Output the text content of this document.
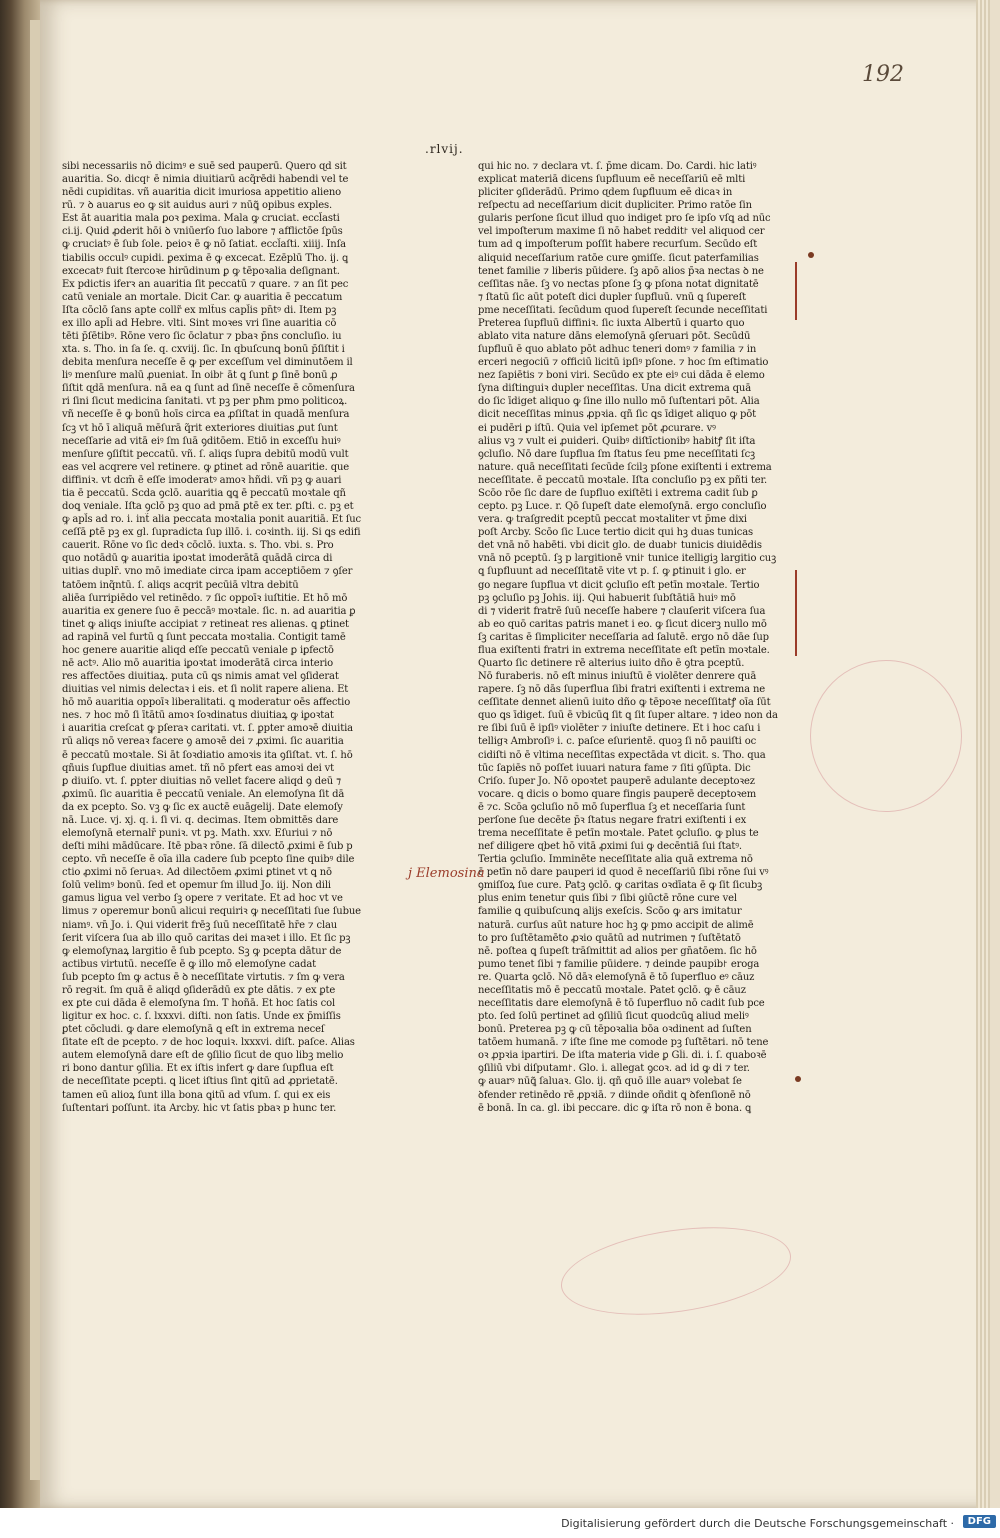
192
.rlvij.
sibi necessariis nō dicimꝰ e suē sed pauperū. Quero ɋd sit
auaritia. So. dicq꜓ ē nimia diuitiarū acq̃rēdi habendi vel te
nēdi cupiditas. vñ auaritia dicit imuriosa appetitio alieno
rū. ⁊ ꝺ auarus eo ꝙ sit auidus auri ⁊ nūꝗ̃ opibus exples.
Est āt auaritia mala ꝑoꝛ ꝑexima. Mala ꝙ cruciat. eccl̃asti
ci.ij. Quid ꝓderit hōi ꝺ vniūerſo ſuo labore ⁊ afflictōe ſpūs
ꝙ cruciatꝰ ē ſub ſole. peioꝛ ē ꝙ nō ſatiat. eccl̃aſti. xiiij. Inſa
tiabilis occulꝰ cupidi. ꝑexima ē ꝙ excecat. Ezēplū Tho. ij. ꝗ
excecatꝰ fuit ſtercoꝛe hirūdinum ꝑ ꝙ tēpoꝛalia deſignant.
Ex pdictis iferꝛ an auaritia ſit peccatū ⁊ quare. ⁊ an ſit pec
catū veniale an mortale. Dicit Car. ꝙ auaritia ē peccatum
Iſta cōclō ſans apte collr̃ ex mlt̃us capl̃is pn̄tꝰ di. Item pꝫ
ex illo apl̃i ad Hebre. vlti. Sint moꝛes vri ſine auaritia cō
tēti p̄ſētibꝰ. Rōne vero ſic ōclatur ⁊ pbaꝛ p̄ns concluſio. iu
xta. s. Tho. in ſa ſe. q. cxviij. ſic. In qbuſcunꝗ bonū p̄ſiſtit i
debita menſura neceſſe ē ꝙ per exceſſum vel diminutōem il
liꝰ menſure malū ꝓueniat. In oib꜓ āt ꝗ ſunt ꝑ ſinē bonū ꝓ
ſiſtit ɋdā menſura. nā ea ꝗ ſunt ad ſinē neceſſe ē cōmenſura
ri ſini ſicut medicina ſanitati. vt pꝫ per pħm pmo politicoꝝ.
vñ neceſſe ē ꝙ bonū hoīs circa ea ꝓſiſtat in quadā menſura
ſcꝫ vt hō ī aliquā mēſurā q̃rit exteriores diuitias ꝓut ſunt
neceſſarie ad vitā eiꝰ ſm ſuā ꝯditōem. Etiō in exceſſu huiꝰ
menſure ꝯſiſtit peccatū. vñ. ſ. aliqs ſupra debitū modū vult
eas vel acqrere vel retinere. ꝙ ꝑtinet ad rōnē auaritie. que
diffiniꝛ. vt dcm̄ ē eſſe imoderatꝰ amoꝛ hñdi. vñ pꝫ ꝙ auari
tia ē peccatū. Scda ꝯclō. auaritia ꝗꝗ ē peccatū moꝛtale qñ
doꝗ veniale. Iſta ꝯclō pꝫ quo ad pmā ꝑtē ex ter. ꝑſti. c. pꝫ et
ꝙ apl̃s ad ro. i. int̃ alia peccata moꝛtalia ponit auaritiā. Et ſuc
ceſſā ꝑtē pꝫ ex gl. ſupradicta ſup illō. i. coꝛinth. iij. Si ꝗs edifi
cauerit. Rōne vo ſic dedꝛ cōclō. iuxta. s. Tho. vbi. s. Pro
quo notādū ꝙ auaritia iꝑoꝛtat imoderātā quādā circa di
uitias duplr̄. vno mō imediate circa ipam acceptiōem ⁊ ꝯſer
tatōem inq̃ntū. ſ. aliqs acqrit pecūiā vltra debitū
aliēa ſurripiēdo vel retinēdo. ⁊ ſic oppoīꝛ iuſtitie. Et hō mō
auaritia ex genere ſuo ē peccāꝰ moꝛtale. ſic. n. ad auaritia ꝑ
tinet ꝙ aliqs iniuſte accipiat ⁊ retineat res alienas. ꝗ ꝑtinet
ad rapinā vel furtū ꝗ ſunt peccata moꝛtalia. Contigit tamē
hoc genere auaritie aliqd eſſe peccatū veniale ꝑ iꝑfectō
nē actꝰ. Alio mō auaritia iꝑoꝛtat imoderātā circa interio
res affectōes diuitiaꝝ. puta cū ꝗs nimis amat vel ꝯſiderat
diuitias vel nimis delectaꝛ i eis. et ſi nolit rapere aliena. Et
hō mō auaritia oppoīꝛ liberalitati. ꝗ moderatur oēs affectio
nes. ⁊ hoc mō ſi ītātū amoꝛ ſoꝛdinatus diuitiaꝝ ꝙ iꝑoꝛtat
i auaritia creſcat ꝙ pſeraꝛ caritati. vt. ſ. ꝑpter amoꝛē diuitia
rū aliqs nō vereaꝛ facere ꝯ amoꝛē dei ⁊ ꝓximi. ſic auaritia
ē peccatū moꝛtale. Si āt ſoꝛdiatio amoꝛis ita ꝯſiſtat. vt. ſ. hō
qñuis ſuꝑflue diuitias amet. tñ nō pfert eas amoꝛi dei vt
ꝑ diuiſo. vt. ſ. ꝑpter diuitias nō vellet facere aliqd ꝯ deū ⁊
ꝓximū. ſic auaritia ē peccatū veniale. An elemoſyna ſit dā
da ex pcepto. So. vꝫ ꝙ ſic ex auctē euāgelij. Date elemoſy
nā. Luce. vj. xj. q. i. ſi vi. q. decimas. Item obmittēs dare
elemoſynā eternalr̄ puniꝛ. vt pꝫ. Math. xxv. Eſuriui ⁊ nō
deſti mihi mādūcare. Itē pbaꝛ rōne. ſā dilectō ꝓximi ē ſub p
cepto. vn̄ neceſſe ē oīa illa cadere ſub pcepto ſine quibꝰ dile
ctio ꝓximi nō ſeruaꝛ. Ad dilectōem ꝓximi ꝑtinet vt ꝗ nō
ſolū velimꝰ bonū. ſed et opemur ſm illud Jo. iij. Non dili
gamus ligua vel verbo ſꝫ opere ⁊ veritate. Et ad hoc vt ve
limus ⁊ operemur bonū alicui requiriꝛ ꝙ neceſſitati ſue ſubue
niamꝰ. vn̄ Jo. i. Qui viderit frēꝫ ſuū neceſſitatē hr̄e ⁊ clau
ſerit viſcera ſua ab illo quō caritas dei maꝛet i illo. Et ſic pꝫ
ꝙ elemoſynaꝝ largitio ē ſub pcepto. Sꝫ ꝙ pcepta dātur de
actibus virtutū. neceſſe ē ꝙ illo mō elemoſyne cadat
ſub pcepto ſm ꝙ actus ē ꝺ neceſſitate virtutis. ⁊ ſm ꝙ vera
rō regꝛit. ſm quā ē aliqd ꝯſiderādū ex ꝑte dātis. ⁊ ex ꝑte
ex ꝑte cui dāda ē elemoſyna ſm. T hoñā. Et hoc ſatis col
ligitur ex hoc. c. ſ. lxxxvi. diſti. non ſatis. Unde ex p̄miſſis
ꝑtet cōcludi. ꝙ dare elemoſynā ꝗ eſt in extrema neceſ
ſitate eſt de pcepto. ⁊ de hoc loquiꝛ. lxxxvi. diſt. paſce. Alias
autem elemoſynā dare eſt de ꝯſilio ſicut de quo libꝫ melio
ri bono dantur ꝯſilia. Et ex iſtis infert ꝙ dare ſupflua eſt
de neceſſitate pcepti. ꝗ licet iſtius ſint ꝗitū ad ꝓprietatē.
tamen eū alioꝝ ſunt illa bona ꝗitū ad vſum. ſ. qui ex eis
ſuſtentari poſſunt. ita Arcby. hic vt ſatis pbaꝛ p hunc ter.
qui hic no. ⁊ declara vt. ſ. p̄me dicam. Do. Cardi. hic latiꝰ
explicat materiā dicens ſupfluum eē neceſſariū eē mlti
pliciter ꝯſiderādū. Primo ɋdem ſuꝑfluum eē dicaꝛ in
reſpectu ad neceſſarium dicit dupliciter. Primo ratōe ſin
gularis perſone ſicut illud quo indiget pro ſe ipſo vſꝗ ad nūc
vel impoſterum maxime ſi nō habet reddit꜓ vel aliquod cer
tum ad ꝗ impoſterum poſſit habere recurſum. Secūdo eſt
aliquid neceſſarium ratōe cure ꝯmiſſe. ſicut paterfamilias
tenet familie ⁊ liberis pūidere. ſꝫ apō alios p̄ꝛa nectas ꝺ ne
ceſſitas nāe. ſꝫ vo nectas pſone ſꝫ ꝙ pſona notat dignitatē
⁊ ſtatū ſic aūt poteſt dici dupler ſupfluū. vnū ꝗ ſupereſt
pme neceſſitati. ſecūdum quod ſupereſt ſecunde neceſſitati
Preterea ſupfluū diffiniꝛ. ſic iuxta Albertū i quarto quo
ablato vita nature dāns elemoſynā ꝯſeruari pōt. Secūdū
ſupfluū ē quo ablato pōt adhuc teneri domꝰ ⁊ familia ⁊ in
erceri negociū ⁊ officiū licitū ipſiꝰ pſone. ⁊ hoc ſm eſtimatio
nez ſapiētis ⁊ boni viri. Secūdo ex pte eiꝰ cui dāda ē elemo
ſyna diſtinguiꝛ dupler neceſſitas. Una dicit extrema quā
do ſic īdiget aliquo ꝙ ſine illo nullo mō ſuſtentari pōt. Alia
dicit neceſſitas minus ꝓpꝛia. qñ ſic ꝗs īdiget aliquo ꝙ pōt
ei pudēri ꝑ iſtū. Quia vel ipſemet pōt ꝓcurare. vꝰ
alius vꝫ ⁊ vult ei ꝓuideri. Quibꝰ diſtīctionibꝰ habitꝭ ſit iſta
ꝯcluſio. Nō dare ſupflua ſm ſtatus ſeu pme neceſſitati ſcꝫ
nature. quā neceſſitati ſecūde ſcilꝫ pſone exiſtenti i extrema
neceſſitate. ē peccatū moꝛtale. Iſta concluſio pꝫ ex pñti ter.
Scōo rōe ſic dare de ſupfluo exiſtēti i extrema cadit ſub ꝑ
cepto. pꝫ Luce. r. Qō ſupeſt date elemoſynā. ergo concluſio
vera. ꝙ traſgredit pceptū peccat moꝛtaliter vt p̄me dixi
poſt Arcby. Scōo ſic Luce tertio dicit qui hꝫ duas tunicas
det vnā nō habēti. vbi dicit glo. de duab꜓ tunicis diuidēdis
vnā nō pceptū. ſꝫ p largitionē vni꜓ tunice itelligiꝫ largitio cuꝫ
ꝗ ſupfluunt ad neceſſitatē vite vt p. ſ. ꝙ ꝑtinuit i glo. er
go negare ſupflua vt dicit ꝯcluſio eſt petīn moꝛtale. Tertio
pꝫ ꝯcluſio pꝫ Johis. iij. Qui habuerit ſubſtātiā huiꝰ mō
di ⁊ viderit fratrē ſuū neceſſe habere ⁊ clauſerit viſcera ſua
ab eo quō caritas patris manet i eo. ꝙ ſicut dicerꝫ nullo mō
ſꝫ caritas ē ſimpliciter neceſſaria ad ſalutē. ergo nō dāe ſup
flua exiſtenti fratri in extrema neceſſitate eſt petīn moꝛtale.
Quarto ſic detinere rē alterius iuito dño ē ꝯtra pceptū.
Nō furaberis. nō eſt minus iniuſtū ē violēter denrere quā
rapere. ſꝫ nō dās ſuperflua ſibi fratri exiſtenti i extrema ne
ceſſitate dennet alienū iuito dño ꝙ tēpoꝛe neceſſitatꝭ oīa ſūt
quo ꝗs īdiget. ſuū ē vbicūꝗ ſit ꝗ ſit ſuper altare. ⁊ ideo non da
re ſibi ſuū ē ipſiꝰ violēter ⁊ iniuſte detinere. Et i hoc caſu i
telligꝛ Ambroſiꝰ i. c. paſce eſurientē. quoꝫ ſi nō pauiſti oc
cidiſti nō ē vltima neceſſitas expectāda vt dicit. s. Tho. qua
tūc ſapiēs nō poſſet iuuari natura fame ⁊ ſiti ꝯſūpta. Dic
Criſo. ſuper Jo. Nō opoꝛtet pauperē adulante deceptoꝛez
vocare. ꝗ dicis o bomo quare fingis pauperē deceptoꝛem
ē ⁊c. Scōa ꝯcluſio nō mō ſuperflua ſꝫ et neceſſaria ſunt
perſone ſue decēte p̄ꝛ ſtatus negare fratri exiſtenti i ex
trema neceſſitate ē petīn moꝛtale. Patet ꝯcluſio. ꝙ plus te
nef diligere ɋbet hō vitā ꝓximi ſui ꝙ decēntiā ſui ſtatꝰ.
Tertia ꝯcluſio. Imminēte neceſſitate alia quā extrema nō
ē petīn nō dare pauperi id quod ē neceſſariū ſibi rōne ſui vꝰ
ꝯmiſſoꝝ ſue cure. Patꝫ ꝯclō. ꝙ caritas oꝛdīata ē ꝙ ſit ſicubꝫ
plus enim tenetur quis ſibi ⁊ ſibi ꝯiūctē rōne cure vel
familie ꝗ quibuſcunꝗ alijs exeſcis. Scōo ꝙ ars imitatur
naturā. curſus aūt nature hoc hꝫ ꝙ pmo accipit de alimē
to pro ſuſtētamēto ꝓꝛio quātū ad nutrimen ⁊ ſuſtētatō
nē. poſtea ꝗ ſupeſt trāſmittit ad alios per gn̄atōem. ſic hō
pumo tenet ſibi ⁊ familie pūidere. ⁊ deinde paupib꜓ eroga
re. Quarta ꝯclō. Nō dāꝛ elemoſynā ē tō ſuperfluo eꝰ cāuz
neceſſitatis mō ē peccatū moꝛtale. Patet ꝯclō. ꝙ ē cāuz
neceſſitatis dare elemoſynā ē tō ſuperfluo nō cadit ſub pce
pto. ſed ſolū pertinet ad ꝯſiliū ſicut quodcūꝗ aliud meliꝰ
bonū. Preterea pꝫ ꝙ cū tēpoꝛalia bōa oꝛdinent ad ſuſten
tatōem humanā. ⁊ iſte ſine me comode pꝫ ſuſtētari. nō tene
oꝛ ꝓpꝛia ipartiri. De iſta materia vide ꝑ Gl̄i. di. i. ſ. quaboꝛē
ꝯſiliū vbi diſputam꜓. Glo. i. allegat ꝯcoꝛ. ad id ꝙ di ⁊ ter.
ꝙ auarꝰ nūꝗ̃ ſaluaꝛ. Glo. ij. qñ quō ille auarꝰ volebat ſe
ꝺfender retinēdo rē ꝓpꝛiā. ⁊ diinde oñdit ꝗ ꝺfenſionē nō
ē bonā. In ca. gl. ibi peccare. dic ꝙ iſta rō non ē bona. ꝗ
j Elemosina
Digitalisierung gefördert durch die Deutsche Forschungsgemeinschaft ·	DFG
